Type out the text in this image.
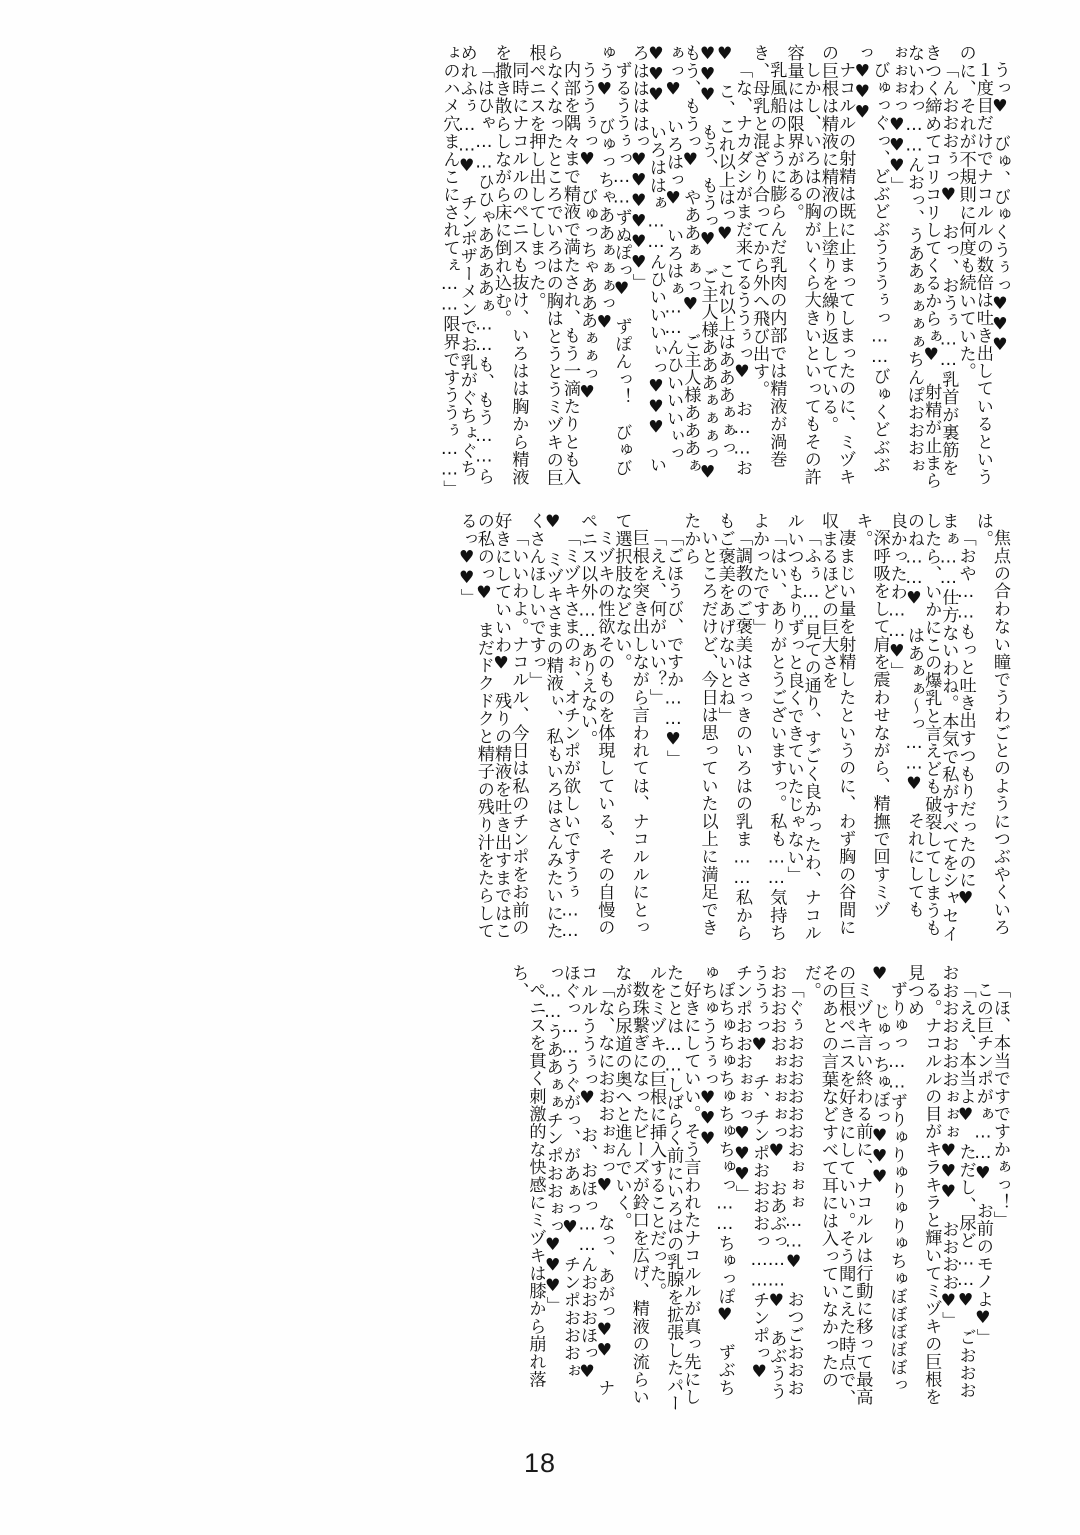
うっ♥　びゅ、びゅくうぅっ♥♥♥

１度目だけでナコルルの数倍は吐き出しているというのに、それが不規則に何度も続いていた。

「んおおおぅっ♥　おっ、おうぅ……乳首が裏筋をきつく締めてコリコリしてくるからぁ♥　射精が止まらないわっ……んおっ、うああぁぁぁぁちんぽおおおぉぉぉぉっ♥♥♥」

びゅっぐっ、どぶどぶうううぅっ……びゅくどぶぶっ♥♥♥

ナコルルの射精は既に止まってしまったのに、ミヅキの巨根は精液に精液の上塗りを繰り返している。

しかし、いろはの胸がいくら大きいといってもその許容量には限界がある。

乳風船のように膨らんだ乳肉の内部では精液が渦巻き、母乳と混ざり合ってから外へ飛び出す。

「な、ナカダシがまだ来てるううぅっ♥　お……お♥　こ、これ以上はっ♥　これ以上はあああぁぁっ♥♥♥　もう、もうっ♥　ご主人様あああぁぁぁっ♥　もう、もうっ♥　やああぁぁっ♥　ご主人様あああぁぁっ♥　いろはっ♥　いろはぁ……んひいいいぃっ♥♥♥　いろははぁ……んひいいいぃっ♥♥♥　いろははははっ♥♥♥♥♥♥」

ずるううぅっ……ずぬぽっ♥　ずぽんっ！　びゅびゅう♥　びゅっちゃああぁぁぁっ♥

うううぅっ♥　びゅっちゃあああぁぁっ♥

内部を隅々まで精液で満たされ、もう一滴たりとも入らなくなったところでいろはの胸はとうとうミヅキの巨根ペニスを押し出してしまった。

同時にナコルルのペニスも抜け、いろはは胸から精液を撒き散らしながら床に倒れ込む。

「はひゃ……ひひゃああああぁ……も、もう……らめれふぅ……♥　チンポザーメンでお乳がぐちょぐちょのハメ穴まんこにされてぇ……限界ですううぅ……」

焦点の合わない瞳でうわごとのようにつぶやくいろは。

「おや……もっと吐き出すつもりだったのに♥　まぁ……仕方ないわね。本気で私がすべてをシャセイしたら、いかにこの爆乳と言えども破裂してしまうものね……♥　はあぁぁ～っ……♥　それにしても　良かったわ……♥」

深呼吸をして肩を震わせながら、精撫で回すミヅキ。

凄まじい量を射精したというのに、わず胸の谷間に収まるほどの巨大さを

「ふぅ……見ての通り、すごく良かったわ、ナコルルいつもよりずっと良くできていたじゃない」

「はい、ありがとうございますっ。私も……気持ちよかったです」

「調教のご褒美はさっきのいろはの乳ま……私からもご褒美をあげないとね」

いところだけど、今日は思っていた以上に満足できたから

「ごほうび、ですか……♥」

「ええ、何がいい？」

巨根を突き出しながら言われては、ナコルルにとって選択肢などない。

ミヅキの性欲そのものを体現している、その自慢のペニス以外……ありえない。

「ミヅキさまのぉ、オチンポが欲しいですうぅ……♥　ミヅキさまの精液ぃ、私もいろはさんみたいにたくさんほしいですっ」

「いいわよ。ナコルル、今日は私のチンポをお前の好きにしていいわ♥　残りの精液を吐き出すまではこの私のっ♥　まだドクドクと精子の残り汁をたらしてるっ♥♥」

「ほ、本当ですですかぁっ！」

この巨チンポがぁ……♥　お前のモノよ♥」

「ええ、本当よ♥　ただし、尿ど……♥　ごおおおおおおおおおおぉぉぉ♥♥♥　おおおお♥」

る。ナコルルの目がキラキラと輝いてミヅキの巨根を見つめ

ずりゅっ……ずりゅりゅりゅりゅちゅぼぼぼぼぼっ♥　じゅっちゅぼっ♥♥♥

ミヅキ言い終わる前に、ナコルルは行動に移って最高の巨根ペニスを好きにしていい。そう聞こえた時点で、そのあとの言葉などすべて耳には入っていなかったのだ。

「ぐぅおおおおおおおぉぉぉ……♥　おつごおおおおおおおおぉぉぉぉっ♥　おあぶっ……♥　あぶううううぅっ♥　チ、チンポおおおおっ……チンポっ♥　チンポおおおぉぉっ♥♥♥」

ぼちゅちゅちゅちゅちゅっ……ちゅっぽ♥　ずぶちゅちゅううぅっ♥♥♥

好きにしていい。そう言われたナコルルが真っ先にしたことは……しばらく前にいろはの乳腺を拡張したパールをミヅキの巨根に挿入することだった。

数珠繋ぎになったビーズが鈴口を広げ、精液の流らいながら尿道の奥へと進んでいく。

「な、なにおおおぉぉっ♥　なっ、あがっ♥♥　ナコルルううぅっ♥　お、おほっ……んおおおほっ♥　ほぐっ……うぐがっ、があぁっ♥　チンポおおおぉっ……うああぁぁチンポおおぉっ♥♥♥」

ペニスを貫く刺激的な快感にミヅキは膝から崩れ落ち、

18
